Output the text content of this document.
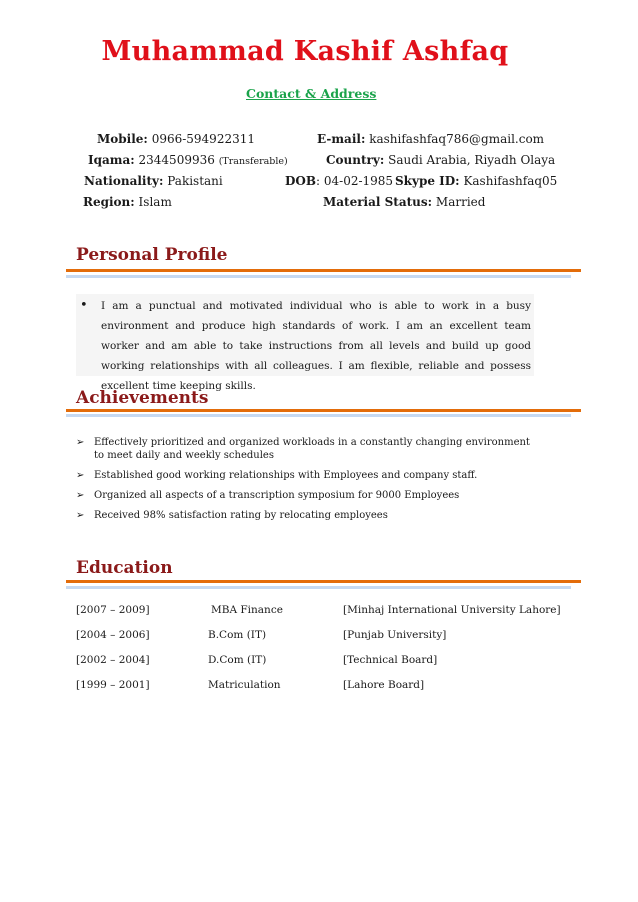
Muhammad Kashif Ashfaq
Contact & Address
Mobile: 0966-594922311	E-mail: kashifashfaq786@gmail.com
Iqama: 2344509936 (Transferable)	Country: Saudi Arabia, Riyadh Olaya
Nationality: Pakistani	DOB: 04-02-1985 Skype ID: Kashifashfaq05
Region: Islam	Material Status: Married
Personal Profile
• I am a punctual and motivated individual who is able to work in a busy environment and produce high standards of work. I am an excellent team worker and am able to take instructions from all levels and build up good working relationships with all colleagues. I am flexible, reliable and possess excellent time keeping skills.
Achievements
➢ Effectively prioritized and organized workloads in a constantly changing environment to meet daily and weekly schedules
➢ Established good working relationships with Employees and company staff.
➢ Organized all aspects of a transcription symposium for 9000 Employees
➢ Received 98% satisfaction rating by relocating employees
Education
[2007 – 2009]	MBA Finance	[Minhaj International University Lahore]
[2004 – 2006]	B.Com (IT)	[Punjab University]
[2002 – 2004]	D.Com (IT)	[Technical Board]
[1999 – 2001]	Matriculation	[Lahore Board]
